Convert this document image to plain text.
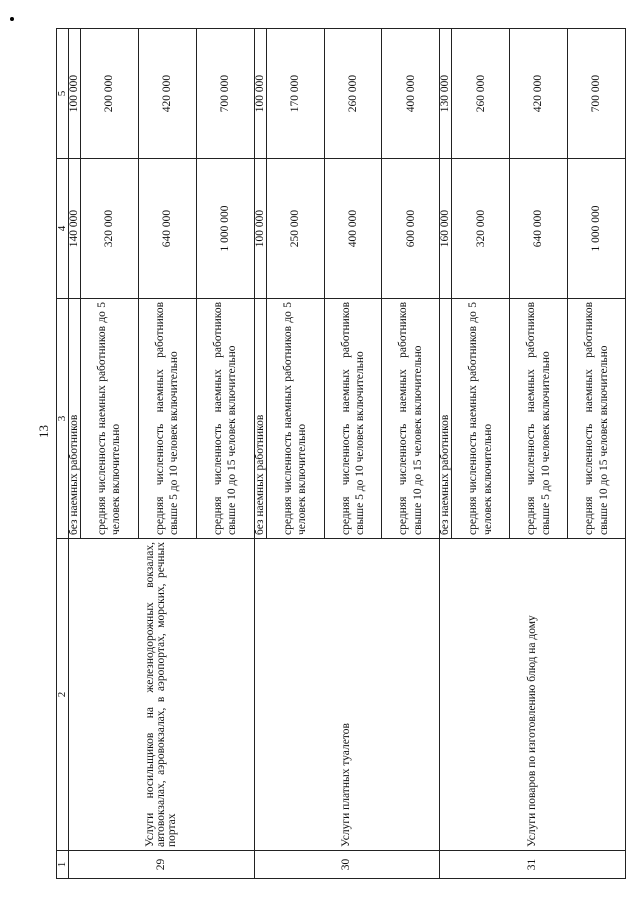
13
1	2	3	4	5
29	Услуги носильщиков на железнодорожных вокзалах, автовокзалах, аэровокзалах, в аэропортах, морских, речных портах	без наемных работников	140 000	100 000
		средняя численность наемных работников до 5 человек включительно	320 000	200 000
		средняя численность наемных работников свыше 5 до 10 человек включительно	640 000	420 000
		средняя численность наемных работников свыше 10 до 15 человек включительно	1 000 000	700 000
30	Услуги платных туалетов	без наемных работников	100 000	100 000
		средняя численность наемных работников до 5 человек включительно	250 000	170 000
		средняя численность наемных работников свыше 5 до 10 человек включительно	400 000	260 000
		средняя численность наемных работников свыше 10 до 15 человек включительно	600 000	400 000
31	Услуги поваров по изготовлению блюд на дому	без наемных работников	160 000	130 000
		средняя численность наемных работников до 5 человек включительно	320 000	260 000
		средняя численность наемных работников свыше 5 до 10 человек включительно	640 000	420 000
		средняя численность наемных работников свыше 10 до 15 человек включительно	1 000 000	700 000
